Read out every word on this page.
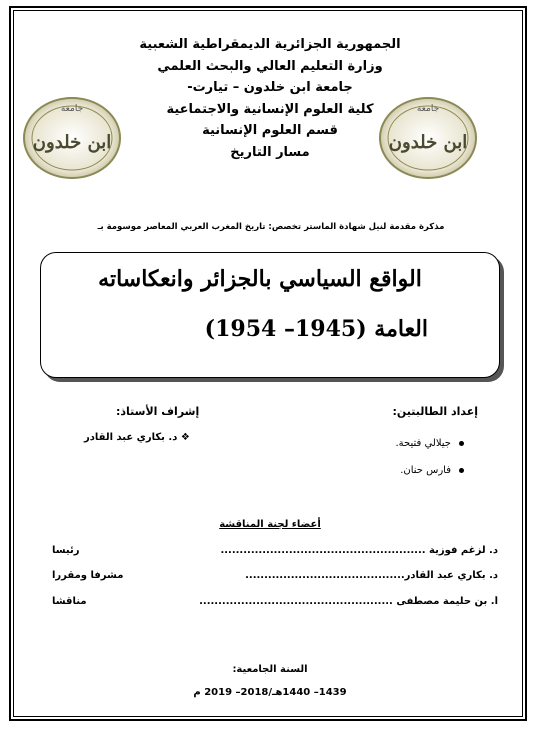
الجمهورية الجزائرية الديمقراطية الشعبية
وزارة التعليم العالي والبحث العلمي
جامعة ابن خلدون – تيارت-
كلية العلوم الإنسانية والاجتماعية
قسم العلوم الإنسانية
مسار التاريخ
جامعة
ابن خلدون
جامعة
ابن خلدون
مذكرة مقدمة لنيل شهادة الماستر تخصص: تاريخ المغرب العربي المعاصر موسومة بـ
الواقع السياسي بالجزائر وانعكاساته
العامة (1945– 1954)
إعداد الطالبتين:
جيلالي فتيحة.
فارس حنان.
إشراف الأستاذ:
❖ د. بكاري عبد القادر
أعضاء لجنة المناقشة
د. لزغم فوزية ......................................................
رئيسا
د. بكاري عبد القادر..........................................
مشرفا ومقررا
أ. بن حليمة مصطفى ...................................................
مناقشا
السنة الجامعية:
1439– 1440هـ/2018– 2019 م
